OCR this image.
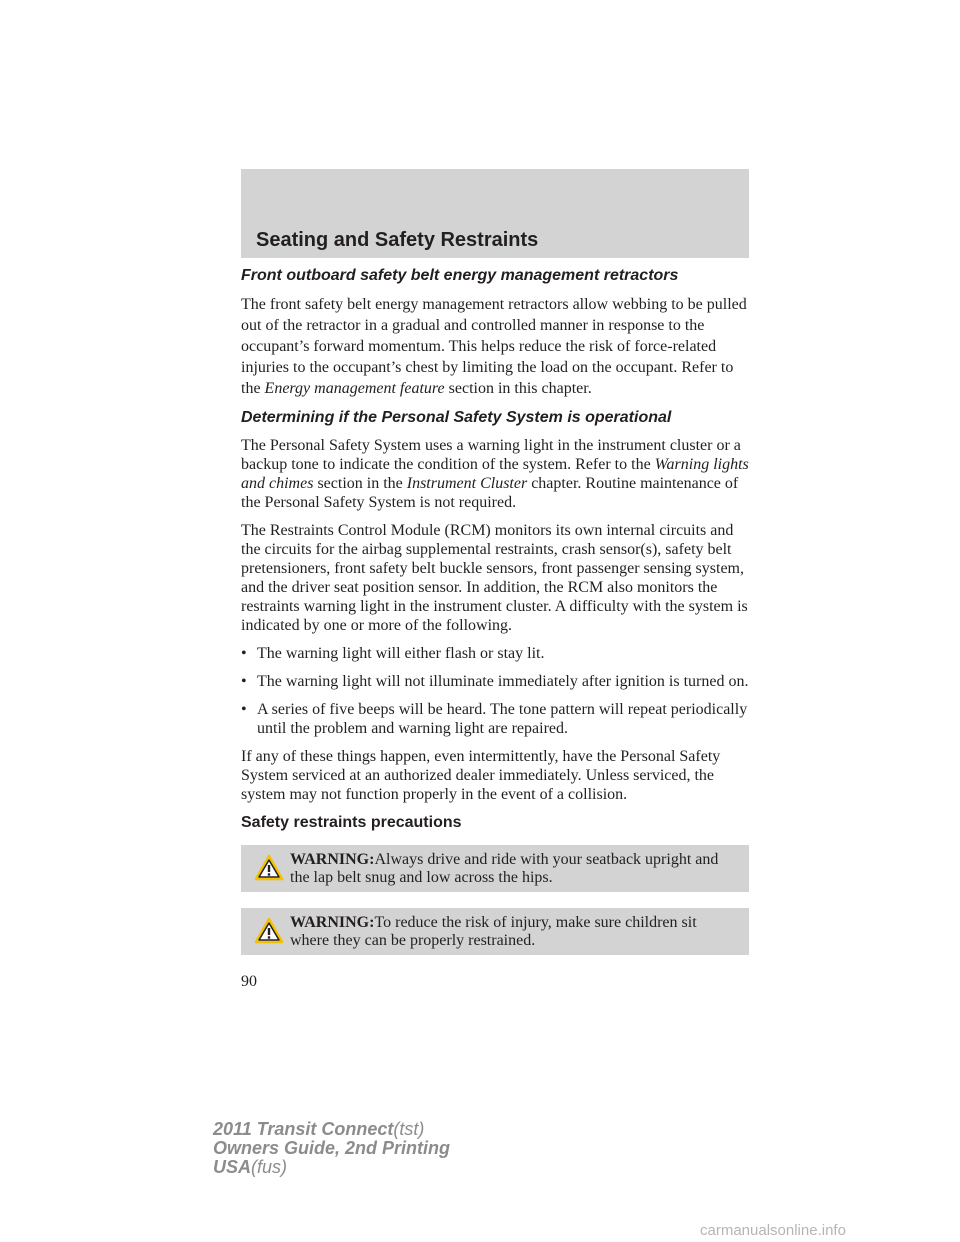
Seating and Safety Restraints
Front outboard safety belt energy management retractors

The front safety belt energy management retractors allow webbing to be pulled out of the retractor in a gradual and controlled manner in response to the occupant’s forward momentum. This helps reduce the risk of force-related injuries to the occupant’s chest by limiting the load on the occupant. Refer to the Energy management feature section in this chapter.

Determining if the Personal Safety System is operational

The Personal Safety System uses a warning light in the instrument cluster or a backup tone to indicate the condition of the system. Refer to the Warning lights and chimes section in the Instrument Cluster chapter. Routine maintenance of the Personal Safety System is not required.

The Restraints Control Module (RCM) monitors its own internal circuits and the circuits for the airbag supplemental restraints, crash sensor(s), safety belt pretensioners, front safety belt buckle sensors, front passenger sensing system, and the driver seat position sensor. In addition, the RCM also monitors the restraints warning light in the instrument cluster. A difficulty with the system is indicated by one or more of the following.

• The warning light will either flash or stay lit.
• The warning light will not illuminate immediately after ignition is turned on.
• A series of five beeps will be heard. The tone pattern will repeat periodically until the problem and warning light are repaired.

If any of these things happen, even intermittently, have the Personal Safety System serviced at an authorized dealer immediately. Unless serviced, the system may not function properly in the event of a collision.

Safety restraints precautions
WARNING:Always drive and ride with your seatback upright and the lap belt snug and low across the hips.
WARNING:To reduce the risk of injury, make sure children sit where they can be properly restrained.
90
2011 Transit Connect(tst)
Owners Guide, 2nd Printing
USA(fus)
carmanualsonline.info
